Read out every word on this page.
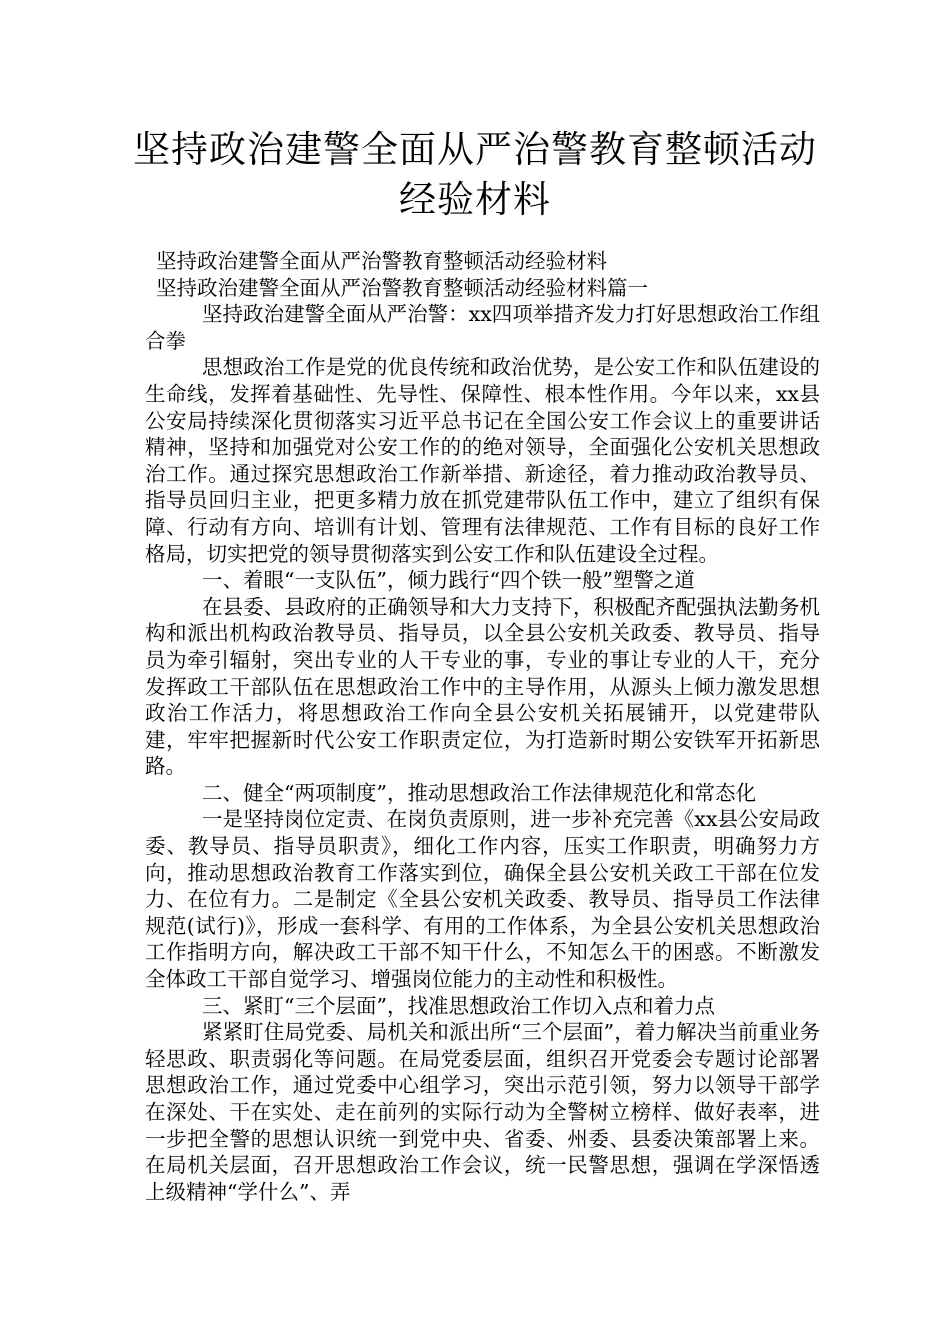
坚持政治建警全面从严治警教育整顿活动
经验材料

坚持政治建警全面从严治警教育整顿活动经验材料

坚持政治建警全面从严治警教育整顿活动经验材料篇一

坚持政治建警全面从严治警：xx四项举措齐发力打好思想政治工作组合拳

思想政治工作是党的优良传统和政治优势，是公安工作和队伍建设的生命线，发挥着基础性、先导性、保障性、根本性作用。今年以来，xx县公安局持续深化贯彻落实习近平总书记在全国公安工作会议上的重要讲话精神，坚持和加强党对公安工作的的绝对领导，全面强化公安机关思想政治工作。通过探究思想政治工作新举措、新途径，着力推动政治教导员、指导员回归主业，把更多精力放在抓党建带队伍工作中，建立了组织有保障、行动有方向、培训有计划、管理有法律规范、工作有目标的良好工作格局，切实把党的领导贯彻落实到公安工作和队伍建设全过程。

一、着眼“一支队伍”，倾力践行“四个铁一般”塑警之道

在县委、县政府的正确领导和大力支持下，积极配齐配强执法勤务机构和派出机构政治教导员、指导员，以全县公安机关政委、教导员、指导员为牵引辐射，突出专业的人干专业的事，专业的事让专业的人干，充分发挥政工干部队伍在思想政治工作中的主导作用，从源头上倾力激发思想政治工作活力，将思想政治工作向全县公安机关拓展铺开，以党建带队建，牢牢把握新时代公安工作职责定位，为打造新时期公安铁军开拓新思路。

二、健全“两项制度”，推动思想政治工作法律规范化和常态化

一是坚持岗位定责、在岗负责原则，进一步补充完善《xx县公安局政委、教导员、指导员职责》，细化工作内容，压实工作职责，明确努力方向，推动思想政治教育工作落实到位，确保全县公安机关政工干部在位发力、在位有力。二是制定《全县公安机关政委、教导员、指导员工作法律规范(试行)》，形成一套科学、有用的工作体系，为全县公安机关思想政治工作指明方向，解决政工干部不知干什么，不知怎么干的困惑。不断激发全体政工干部自觉学习、增强岗位能力的主动性和积极性。

三、紧盯“三个层面”，找准思想政治工作切入点和着力点

紧紧盯住局党委、局机关和派出所“三个层面”，着力解决当前重业务轻思政、职责弱化等问题。在局党委层面，组织召开党委会专题讨论部署思想政治工作，通过党委中心组学习，突出示范引领，努力以领导干部学在深处、干在实处、走在前列的实际行动为全警树立榜样、做好表率，进一步把全警的思想认识统一到党中央、省委、州委、县委决策部署上来。在局机关层面，召开思想政治工作会议，统一民警思想，强调在学深悟透上级精神“学什么”、弄
